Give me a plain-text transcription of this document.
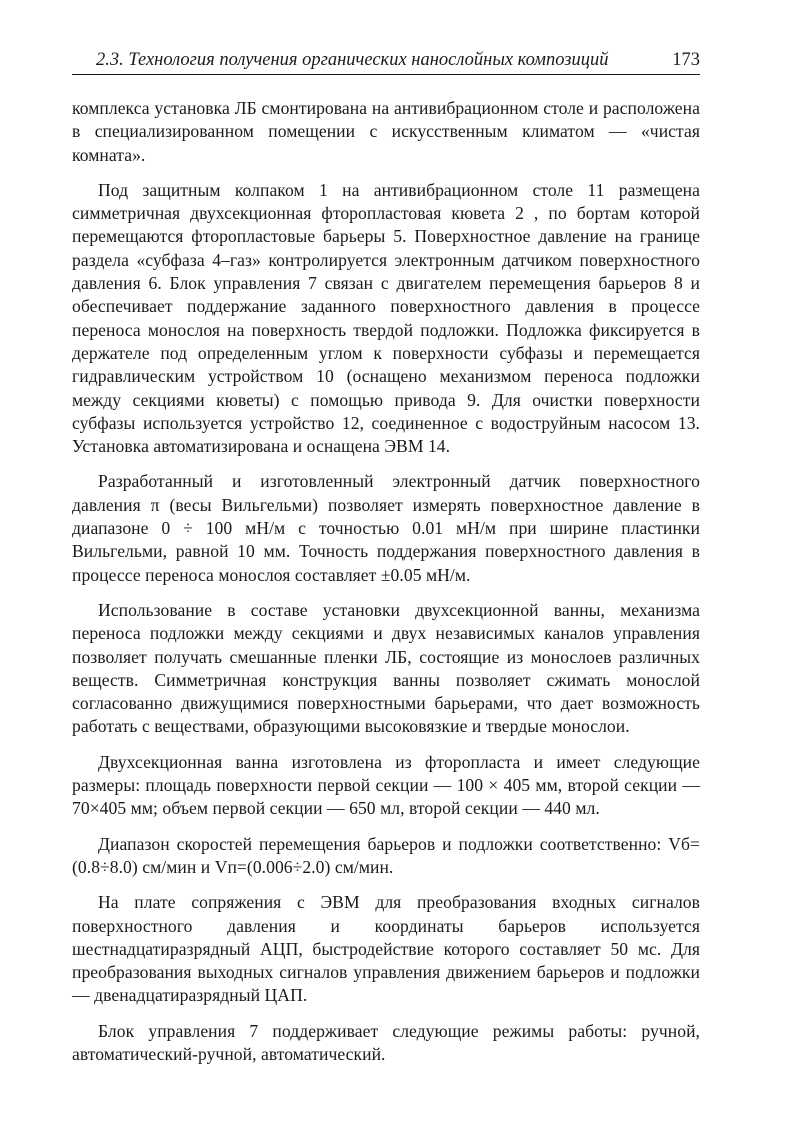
2.3. Технология получения органических нанослойных композиций	173

комплекса установка ЛБ смонтирована на антивибрационном столе и расположена в специализированном помещении с искусственным климатом — «чистая комната».

Под защитным колпаком 1 на антивибрационном столе 11 размещена симметричная двухсекционная фторопластовая кювета 2 , по бортам которой перемещаются фторопластовые барьеры 5. Поверхностное давление на границе раздела «субфаза 4–газ» контролируется электронным датчиком поверхностного давления 6. Блок управления 7 связан с двигателем перемещения барьеров 8 и обеспечивает поддержание заданного поверхностного давления в процессе переноса монослоя на поверхность твердой подложки. Подложка фиксируется в держателе под определенным углом к поверхности субфазы и перемещается гидравлическим устройством 10 (оснащено механизмом переноса подложки между секциями кюветы) с помощью привода 9. Для очистки поверхности субфазы используется устройство 12, соединенное с водоструйным насосом 13. Установка автоматизирована и оснащена ЭВМ 14.

Разработанный и изготовленный электронный датчик поверхностного давления π (весы Вильгельми) позволяет измерять поверхностное давление в диапазоне 0 ÷ 100 мН/м с точностью 0.01 мН/м при ширине пластинки Вильгельми, равной 10 мм. Точность поддержания поверхностного давления в процессе переноса монослоя составляет ±0.05 мН/м.

Использование в составе установки двухсекционной ванны, механизма переноса подложки между секциями и двух независимых каналов управления позволяет получать смешанные пленки ЛБ, состоящие из монослоев различных веществ. Симметричная конструкция ванны позволяет сжимать монослой согласованно движущимися поверхностными барьерами, что дает возможность работать с веществами, образующими высоковязкие и твердые монослои.

Двухсекционная ванна изготовлена из фторопласта и имеет следующие размеры: площадь поверхности первой секции — 100 × 405 мм, второй секции — 70×405 мм; объем первой секции — 650 мл, второй секции — 440 мл.

Диапазон скоростей перемещения барьеров и подложки соответственно: Vб=(0.8÷8.0) см/мин и Vп=(0.006÷2.0) см/мин.

На плате сопряжения с ЭВМ для преобразования входных сигналов поверхностного давления и координаты барьеров используется шестнадцатиразрядный АЦП, быстродействие которого составляет 50 мс. Для преобразования выходных сигналов управления движением барьеров и подложки — двенадцатиразрядный ЦАП.

Блок управления 7 поддерживает следующие режимы работы: ручной, автоматический-ручной, автоматический.
